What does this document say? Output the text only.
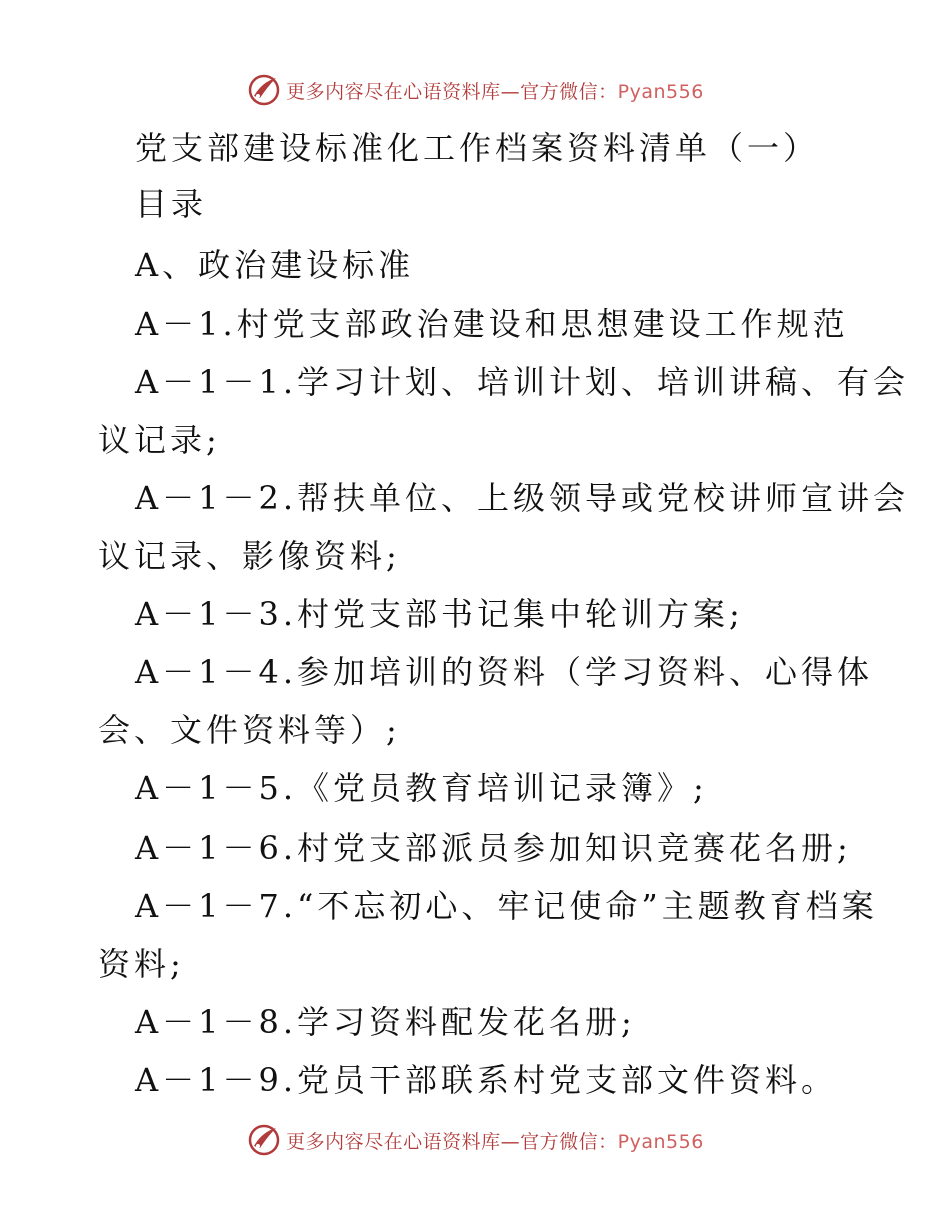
更多内容尽在心语资料库—官方微信：Pyan556
党支部建设标准化工作档案资料清单（一）
目录
A、政治建设标准
A－1.村党支部政治建设和思想建设工作规范
A－1－1.学习计划、培训计划、培训讲稿、有会
议记录;
A－1－2.帮扶单位、上级领导或党校讲师宣讲会
议记录、影像资料;
A－1－3.村党支部书记集中轮训方案;
A－1－4.参加培训的资料（学习资料、心得体
会、文件资料等）;
A－1－5.《党员教育培训记录簿》;
A－1－6.村党支部派员参加知识竞赛花名册;
A－1－7.“不忘初心、牢记使命”主题教育档案
资料;
A－1－8.学习资料配发花名册;
A－1－9.党员干部联系村党支部文件资料。
更多内容尽在心语资料库—官方微信：Pyan556
